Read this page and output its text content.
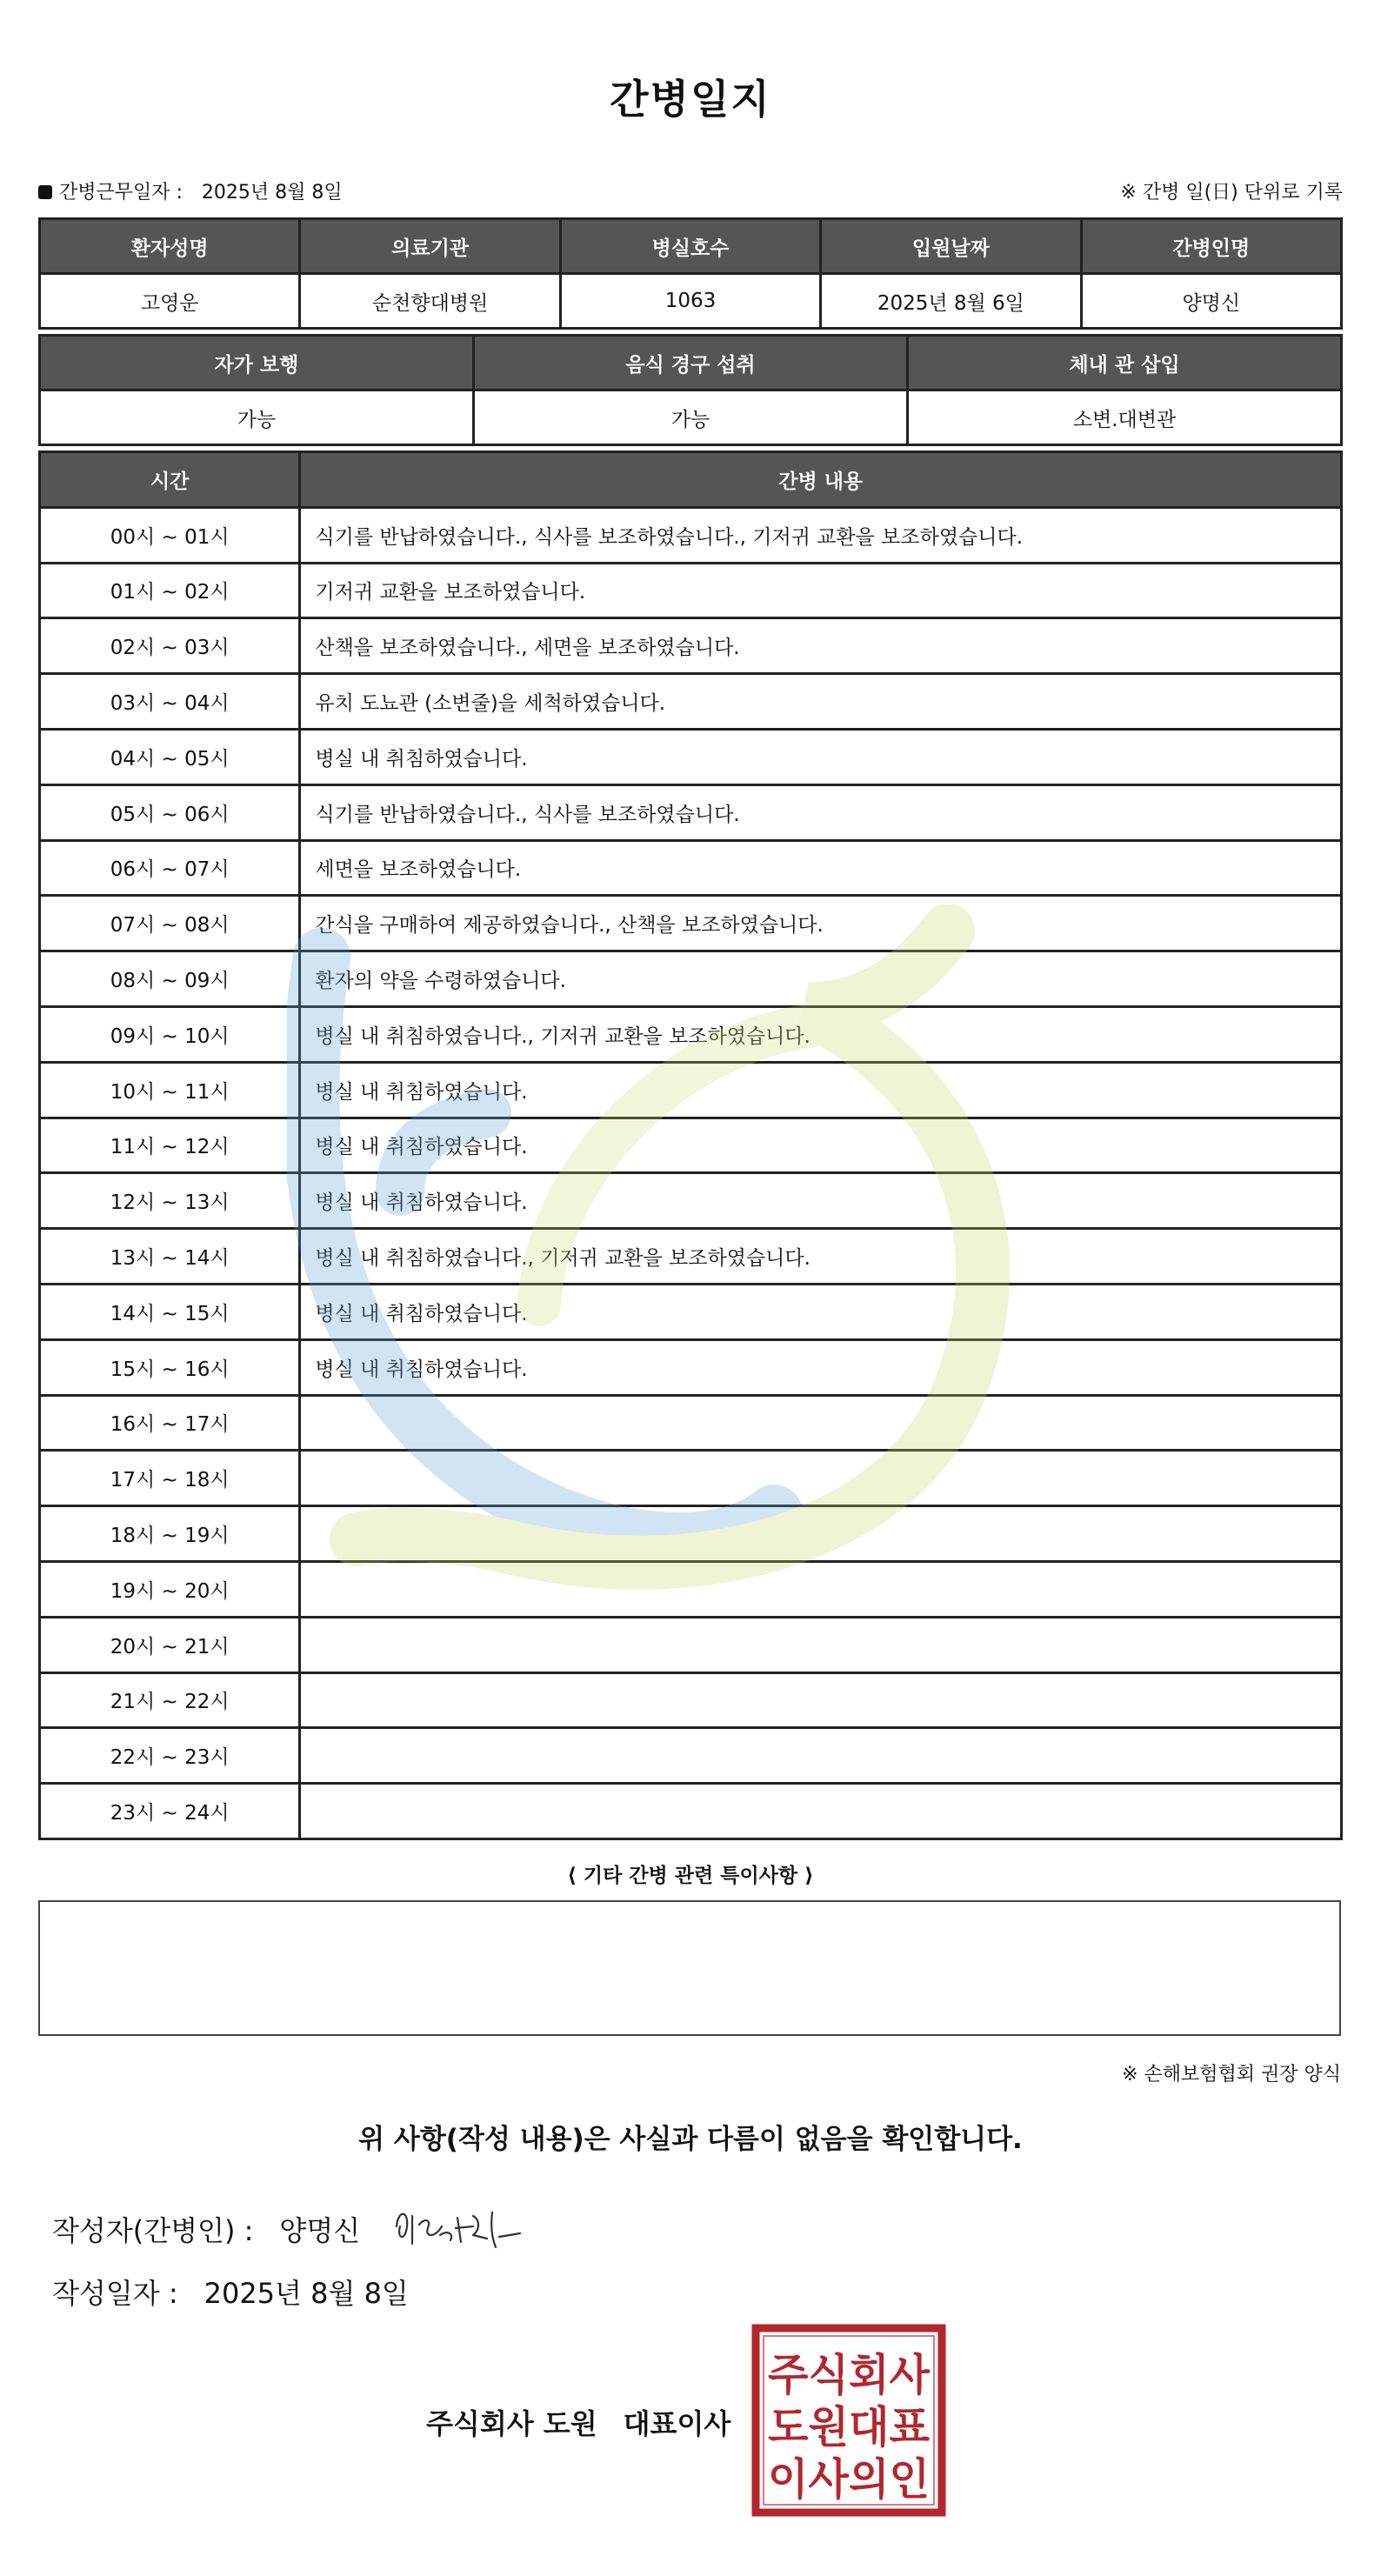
간병일지
간병근무일자 : 2025년 8월 8일	※ 간병 일(日) 단위로 기록
환자성명	의료기관	병실호수	입원날짜	간병인명
고영운	순천향대병원	1063	2025년 8월 6일	양명신
자가 보행	음식 경구 섭취	체내 관 삽입
가능	가능	소변.대변관
시간	간병 내용
00시 ~ 01시	식기를 반납하였습니다., 식사를 보조하였습니다., 기저귀 교환을 보조하였습니다.
01시 ~ 02시	기저귀 교환을 보조하였습니다.
02시 ~ 03시	산책을 보조하였습니다., 세면을 보조하였습니다.
03시 ~ 04시	유치 도뇨관 (소변줄)을 세척하였습니다.
04시 ~ 05시	병실 내 취침하였습니다.
05시 ~ 06시	식기를 반납하였습니다., 식사를 보조하였습니다.
06시 ~ 07시	세면을 보조하였습니다.
07시 ~ 08시	간식을 구매하여 제공하였습니다., 산책을 보조하였습니다.
08시 ~ 09시	환자의 약을 수령하였습니다.
09시 ~ 10시	병실 내 취침하였습니다., 기저귀 교환을 보조하였습니다.
10시 ~ 11시	병실 내 취침하였습니다.
11시 ~ 12시	병실 내 취침하였습니다.
12시 ~ 13시	병실 내 취침하였습니다.
13시 ~ 14시	병실 내 취침하였습니다., 기저귀 교환을 보조하였습니다.
14시 ~ 15시	병실 내 취침하였습니다.
15시 ~ 16시	병실 내 취침하였습니다.
16시 ~ 17시	
17시 ~ 18시	
18시 ~ 19시	
19시 ~ 20시	
20시 ~ 21시	
21시 ~ 22시	
22시 ~ 23시	
23시 ~ 24시	
⟨ 기타 간병 관련 특이사항 ⟩
※ 손해보험협회 권장 양식
위 사항(작성 내용)은 사실과 다름이 없음을 확인합니다.
작성자(간병인) : 양명신
작성일자 : 2025년 8월 8일
주식회사 도원 대표이사
주식회사
도원대표
이사의인
